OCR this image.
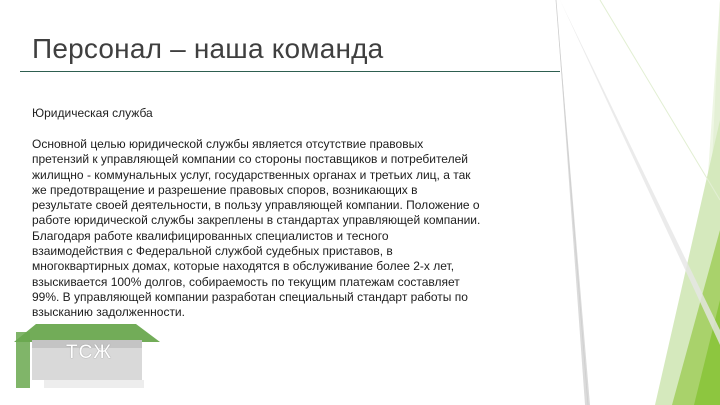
Персонал – наша команда
Юридическая служба
ТСЖ
Основной целью юридической службы является отсутствие правовых
претензий к управляющей компании со стороны поставщиков и потребителей
жилищно - коммунальных услуг, государственных органах и третьих лиц, а так
же предотвращение и разрешение правовых споров, возникающих в
результате своей деятельности, в пользу управляющей компании. Положение о
работе юридической службы закреплены в стандартах управляющей компании.
Благодаря работе квалифицированных специалистов и тесного
взаимодействия с Федеральной службой судебных приставов, в
многоквартирных домах, которые находятся в обслуживание более 2-х лет,
взыскивается 100% долгов, собираемость по текущим платежам составляет
99%. В управляющей компании разработан специальный стандарт работы по
взысканию задолженности.
